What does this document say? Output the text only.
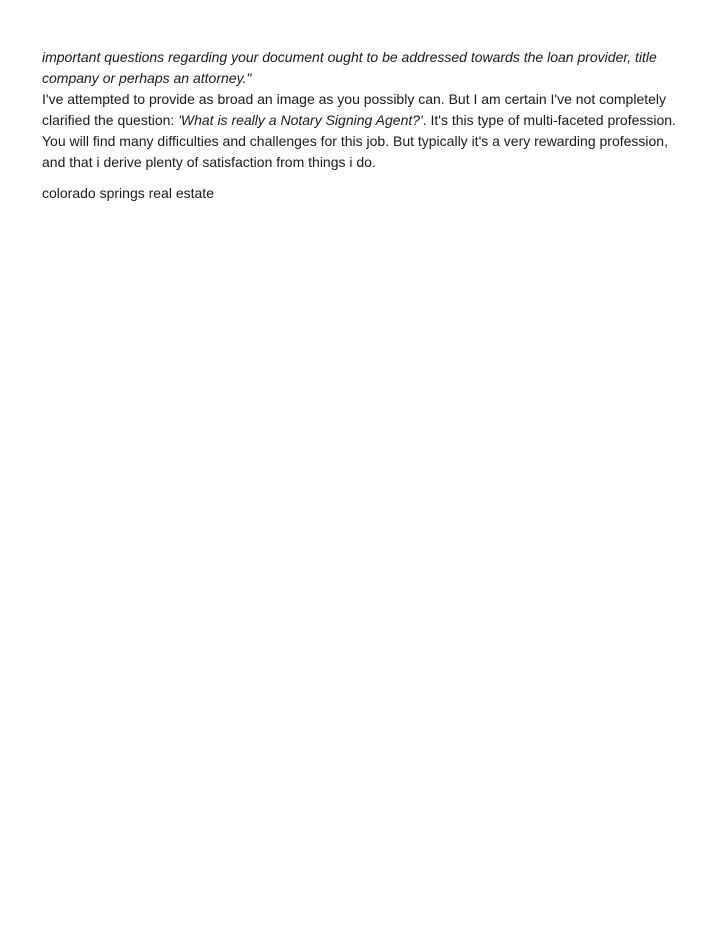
important questions regarding your document ought to be addressed towards the loan provider, title company or perhaps an attorney."

I've attempted to provide as broad an image as you possibly can. But I am certain I've not completely clarified the question: 'What is really a Notary Signing Agent?'. It's this type of multi-faceted profession.

You will find many difficulties and challenges for this job. But typically it's a very rewarding profession, and that i derive plenty of satisfaction from things i do.

colorado springs real estate
